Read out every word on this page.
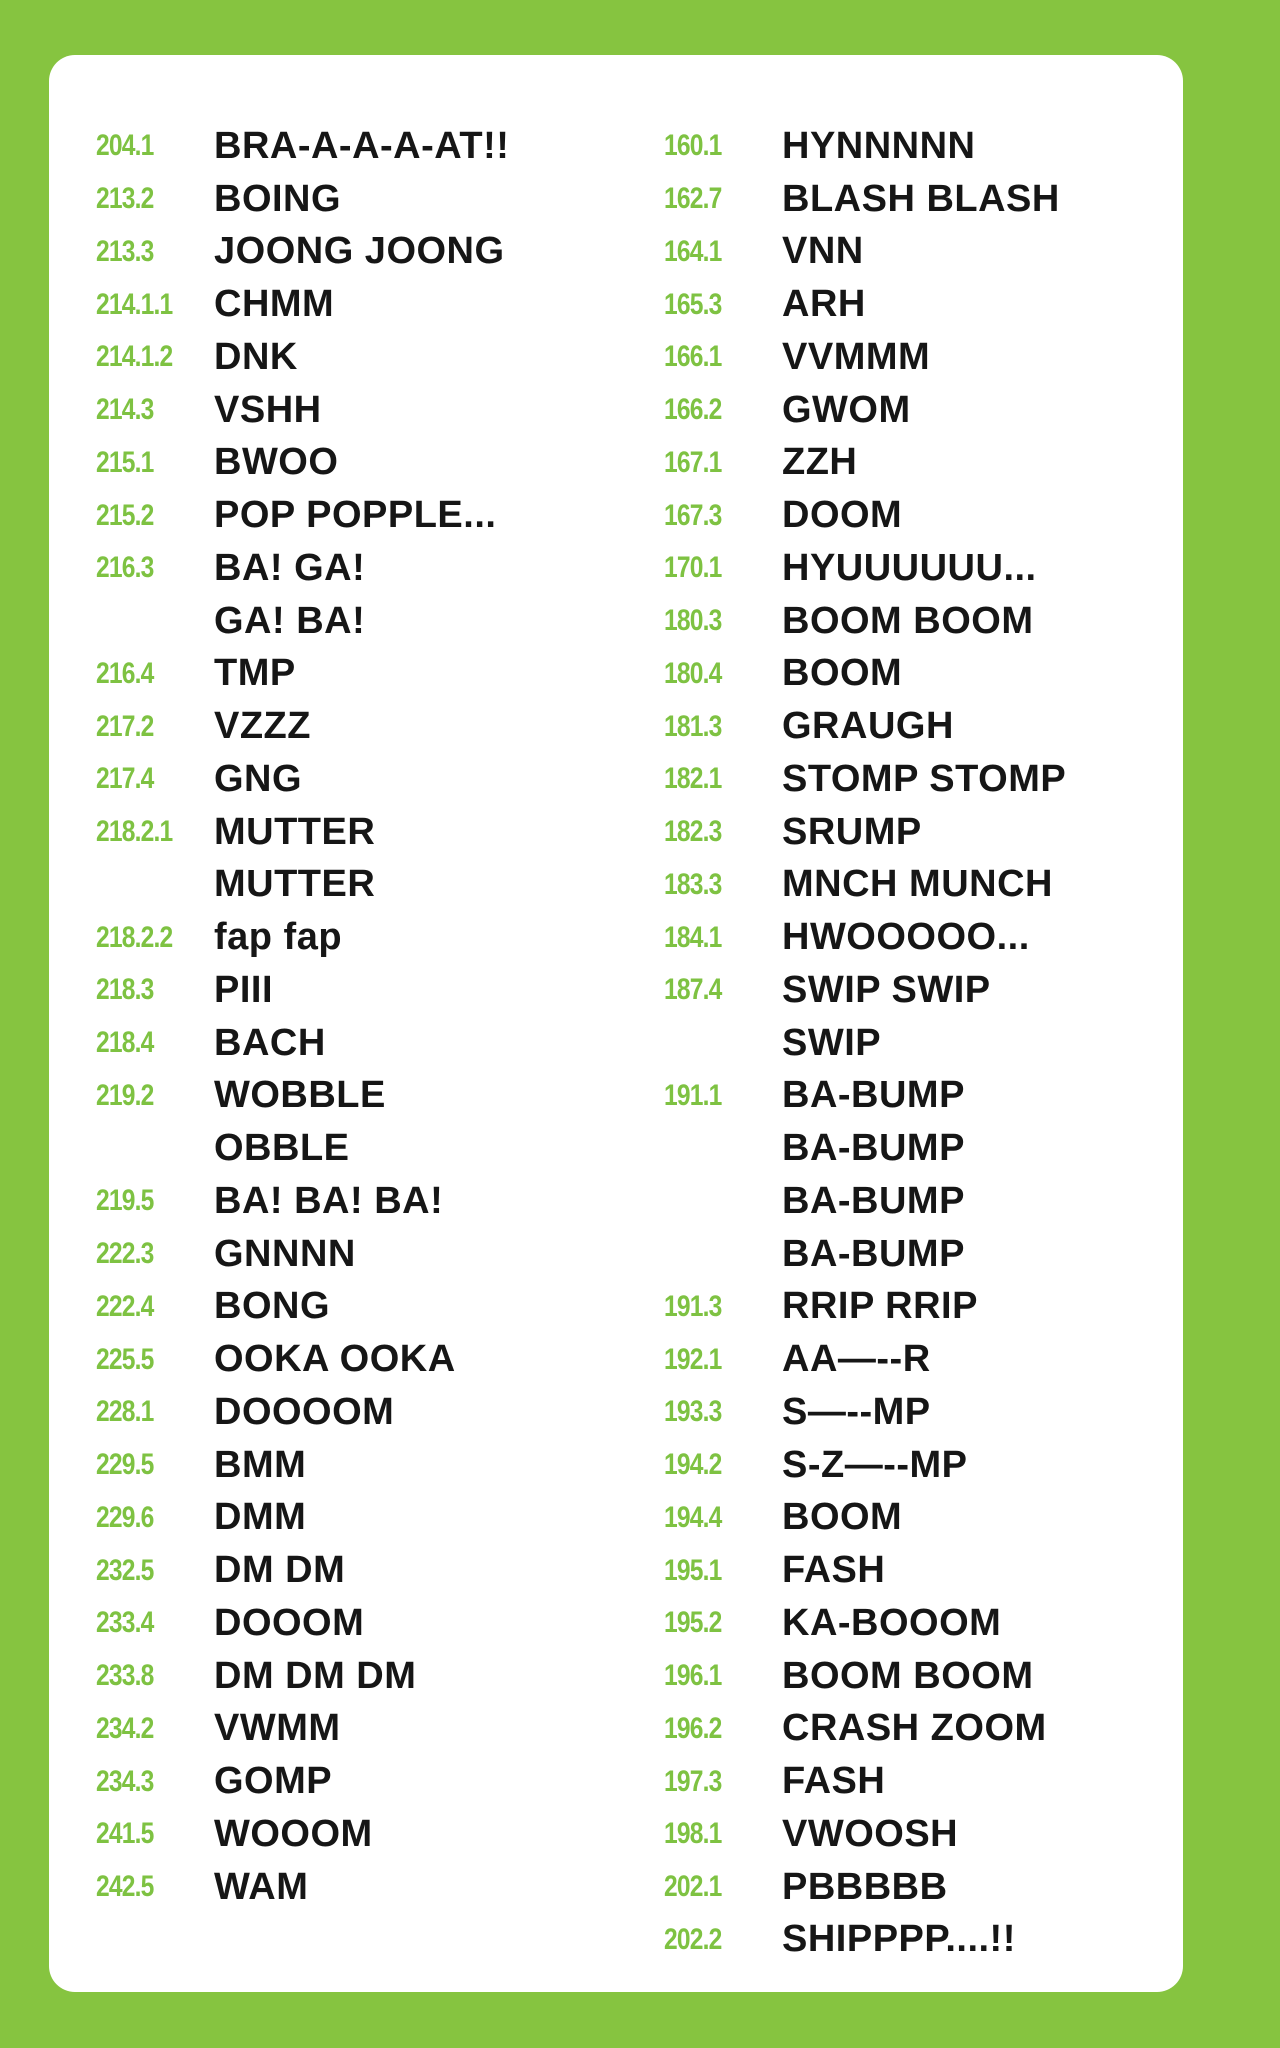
204.1	BRA-A-A-A-AT!!
213.2	BOING
213.3	JOONG JOONG
214.1.1	CHMM
214.1.2	DNK
214.3	VSHH
215.1	BWOO
215.2	POP POPPLE...
216.3	BA! GA!
GA! BA!
216.4	TMP
217.2	VZZZ
217.4	GNG
218.2.1	MUTTER
MUTTER
218.2.2	fap fap
218.3	PIII
218.4	BACH
219.2	WOBBLE
OBBLE
219.5	BA! BA! BA!
222.3	GNNNN
222.4	BONG
225.5	OOKA OOKA
228.1	DOOOOM
229.5	BMM
229.6	DMM
232.5	DM DM
233.4	DOOOM
233.8	DM DM DM
234.2	VWMM
234.3	GOMP
241.5	WOOOM
242.5	WAM
160.1	HYNNNNN
162.7	BLASH BLASH
164.1	VNN
165.3	ARH
166.1	VVMMM
166.2	GWOM
167.1	ZZH
167.3	DOOM
170.1	HYUUUUUU...
180.3	BOOM BOOM
180.4	BOOM
181.3	GRAUGH
182.1	STOMP STOMP
182.3	SRUMP
183.3	MNCH MUNCH
184.1	HWOOOOO...
187.4	SWIP SWIP
SWIP
191.1	BA-BUMP
BA-BUMP
BA-BUMP
BA-BUMP
191.3	RRIP RRIP
192.1	AA—--R
193.3	S—--MP
194.2	S-Z—--MP
194.4	BOOM
195.1	FASH
195.2	KA-BOOOM
196.1	BOOM BOOM
196.2	CRASH ZOOM
197.3	FASH
198.1	VWOOSH
202.1	PBBBBB
202.2	SHIPPPP....!!
